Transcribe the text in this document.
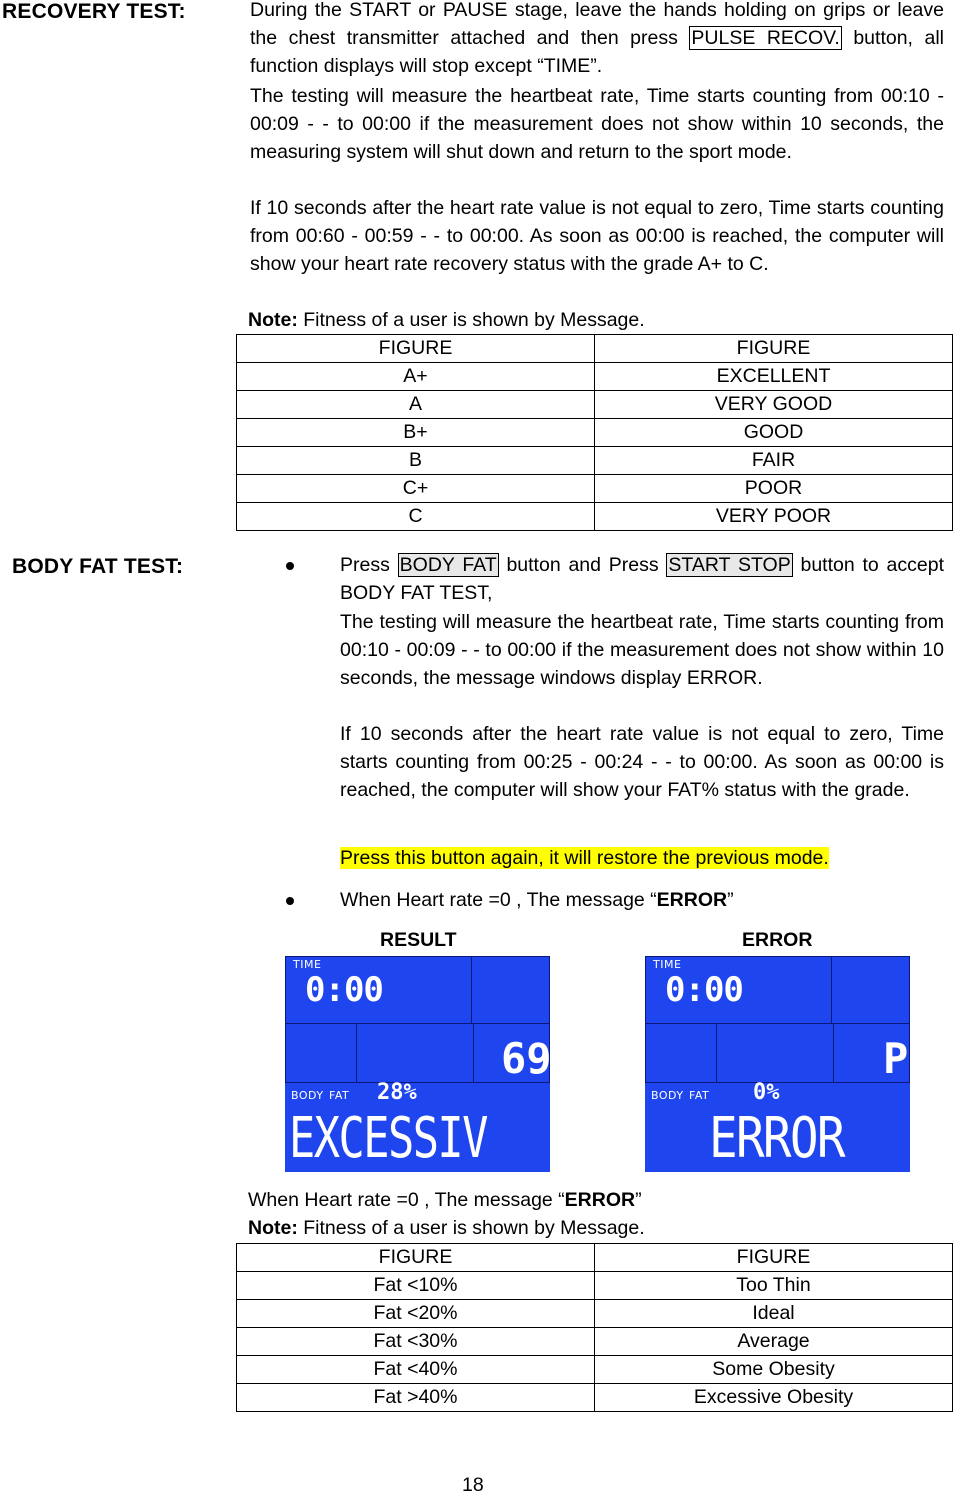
RECOVERY TEST:	During the START or PAUSE stage, leave the hands holding on grips or leave the chest transmitter attached and then press PULSE RECOV. button, all function displays will stop except “TIME”.
The testing will measure the heartbeat rate, Time starts counting from 00:10 - 00:09 - - to 00:00 if the measurement does not show within 10 seconds, the measuring system will shut down and return to the sport mode.
If 10 seconds after the heart rate value is not equal to zero, Time starts counting from 00:60 - 00:59 - - to 00:00. As soon as 00:00 is reached, the computer will show your heart rate recovery status with the grade A+ to C.
Note: Fitness of a user is shown by Message.
FIGURE	FIGURE
A+	EXCELLENT
A	VERY GOOD
B+	GOOD
B	FAIR
C+	POOR
C	VERY POOR
BODY FAT TEST:	Press BODY FAT button and Press START STOP button to accept BODY FAT TEST,
The testing will measure the heartbeat rate, Time starts counting from 00:10 - 00:09 - - to 00:00 if the measurement does not show within 10 seconds, the message windows display ERROR.
If 10 seconds after the heart rate value is not equal to zero, Time starts counting from 00:25 - 00:24 - - to 00:00. As soon as 00:00 is reached, the computer will show your FAT% status with the grade.
Press this button again, it will restore the previous mode.
When Heart rate =0 , The message “ERROR”
RESULT	ERROR
TIME
0:00
69
BODY FAT 28%
EXCESSIV
TIME
0:00
P
BODY FAT 0%
ERROR
When Heart rate =0 , The message “ERROR”
Note: Fitness of a user is shown by Message.
FIGURE	FIGURE
Fat <10%	Too Thin
Fat <20%	Ideal
Fat <30%	Average
Fat <40%	Some Obesity
Fat >40%	Excessive Obesity
18
